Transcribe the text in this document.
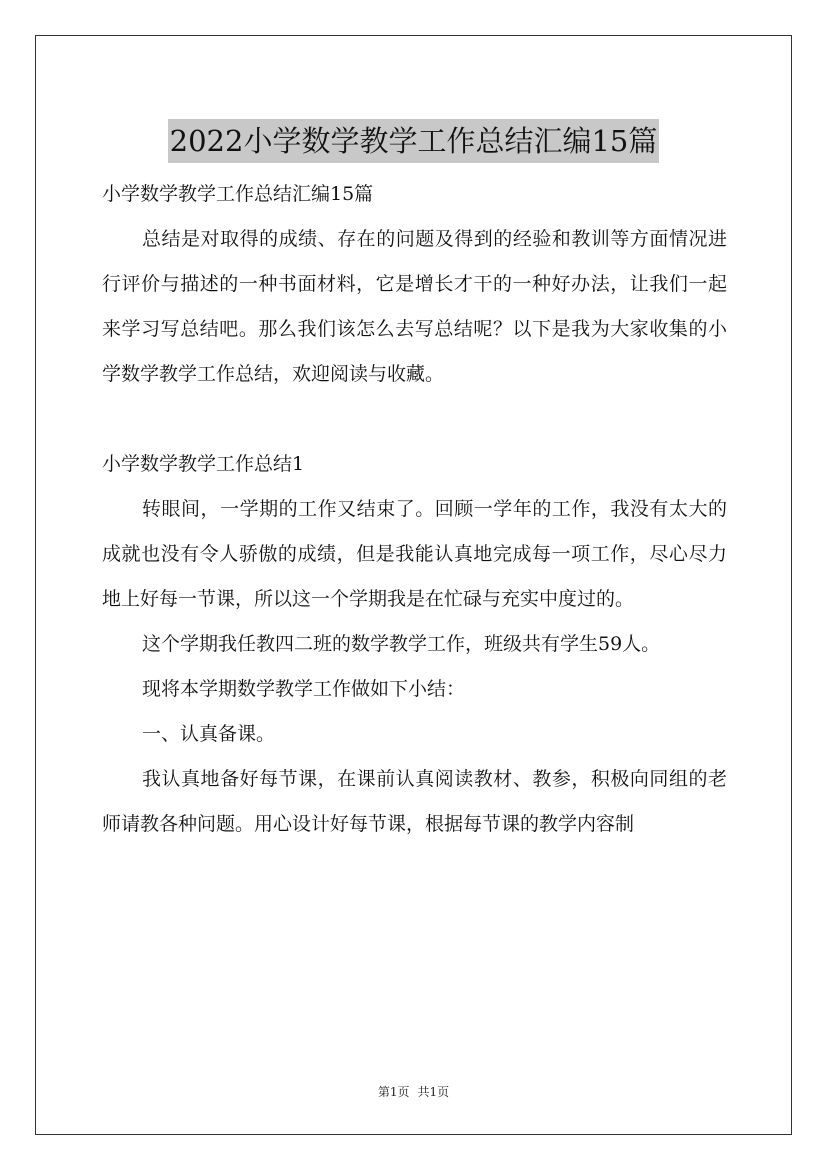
2022小学数学教学工作总结汇编15篇

小学数学教学工作总结汇编15篇

总结是对取得的成绩、存在的问题及得到的经验和教训等方面情况进行评价与描述的一种书面材料，它是增长才干的一种好办法，让我们一起来学习写总结吧。那么我们该怎么去写总结呢？以下是我为大家收集的小学数学教学工作总结，欢迎阅读与收藏。

小学数学教学工作总结1

转眼间，一学期的工作又结束了。回顾一学年的工作，我没有太大的成就也没有令人骄傲的成绩，但是我能认真地完成每一项工作，尽心尽力地上好每一节课，所以这一个学期我是在忙碌与充实中度过的。

这个学期我任教四二班的数学教学工作，班级共有学生59人。

现将本学期数学教学工作做如下小结：

一、认真备课。

我认真地备好每节课，在课前认真阅读教材、教参，积极向同组的老师请教各种问题。用心设计好每节课，根据每节课的教学内容制

第1页 共1页
